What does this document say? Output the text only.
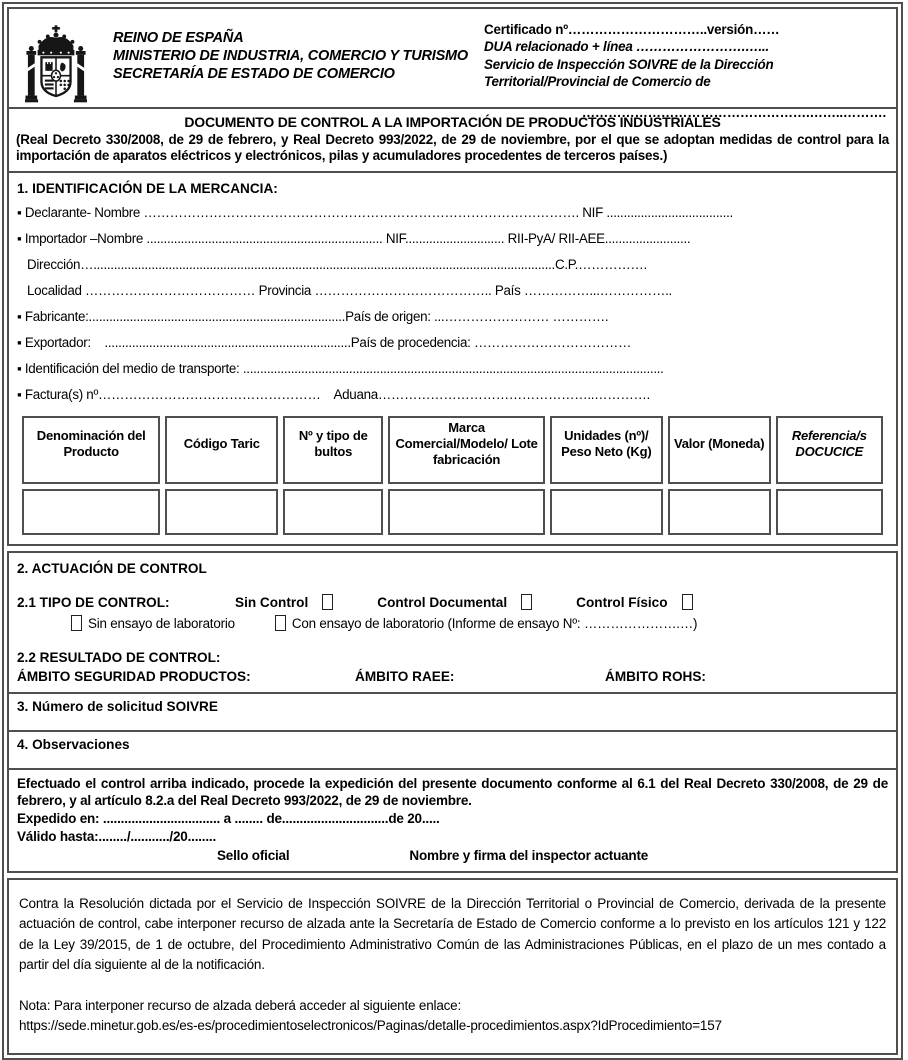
REINO DE ESPAÑA
MINISTERIO DE INDUSTRIA, COMERCIO Y TURISMO
SECRETARÍA DE ESTADO DE COMERCIO
Certificado nº…………………………..versión……
DUA relacionado + línea …………………….…...
Servicio de Inspección SOIVRE de la Dirección
Territorial/Provincial de Comercio de
…………………………………………….……..……….
DOCUMENTO DE CONTROL A LA IMPORTACIÓN DE PRODUCTOS INDUSTRIALES
(Real Decreto 330/2008, de 29 de febrero, y Real Decreto 993/2022, de 29 de noviembre, por el que se adoptan medidas de control para la importación de aparatos eléctricos y electrónicos, pilas y acumuladores procedentes de terceros países.)
1. IDENTIFICACIÓN DE LA MERCANCIA:
▪ Declarante- Nombre ………………………………………………………………………………………. NIF .....................................
▪ Importador –Nombre ..................................................................... NIF............................. RII-PyA/ RII-AEE.........................
Dirección….......................................................................................................................................C.P.…………….
Localidad ………………………………… Provincia ………………………………….. País ……………...……………..
▪ Fabricante:...........................................................................País de origen: ...…………………… ………….
▪ Exportador:    ........................................................................País de procedencia: ………………………………
▪ Identificación del medio de transporte: ...........................................................................................................................
▪ Factura(s) nº……………………………………………    Aduana…………………………………………..………….
Denominación del Producto	Código Taric	Nº y tipo de bultos	Marca Comercial/Modelo/ Lote fabricación	Unidades (nº)/ Peso Neto (Kg)	Valor (Moneda)	Referencia/s DOCUCICE

2. ACTUACIÓN DE CONTROL
2.1 TIPO DE CONTROL:	Sin Control	Control Documental	Control Físico
Sin ensayo de laboratorio	Con ensayo de laboratorio (Informe de ensayo Nº: ………………….…)
2.2 RESULTADO DE CONTROL:
ÁMBITO SEGURIDAD PRODUCTOS:	ÁMBITO RAEE:	ÁMBITO ROHS:
3. Número de solicitud SOIVRE
4. Observaciones
Efectuado el control arriba indicado, procede la expedición del presente documento conforme al 6.1 del Real Decreto 330/2008, de 29 de febrero, y al artículo 8.2.a del Real Decreto 993/2022, de 29 de noviembre.
Expedido en: ................................. a ........ de..............................de 20.....
Válido hasta:......../.........../20........
Sello oficial	Nombre y firma del inspector actuante
Contra la Resolución dictada por el Servicio de Inspección SOIVRE de la Dirección Territorial o Provincial de Comercio, derivada de la presente actuación de control, cabe interponer recurso de alzada ante la Secretaría de Estado de Comercio conforme a lo previsto en los artículos 121 y 122 de la Ley 39/2015, de 1 de octubre, del Procedimiento Administrativo Común de las Administraciones Públicas, en el plazo de un mes contado a partir del día siguiente al de la notificación.
Nota: Para interponer recurso de alzada deberá acceder al siguiente enlace:
https://sede.minetur.gob.es/es-es/procedimientoselectronicos/Paginas/detalle-procedimientos.aspx?IdProcedimiento=157
